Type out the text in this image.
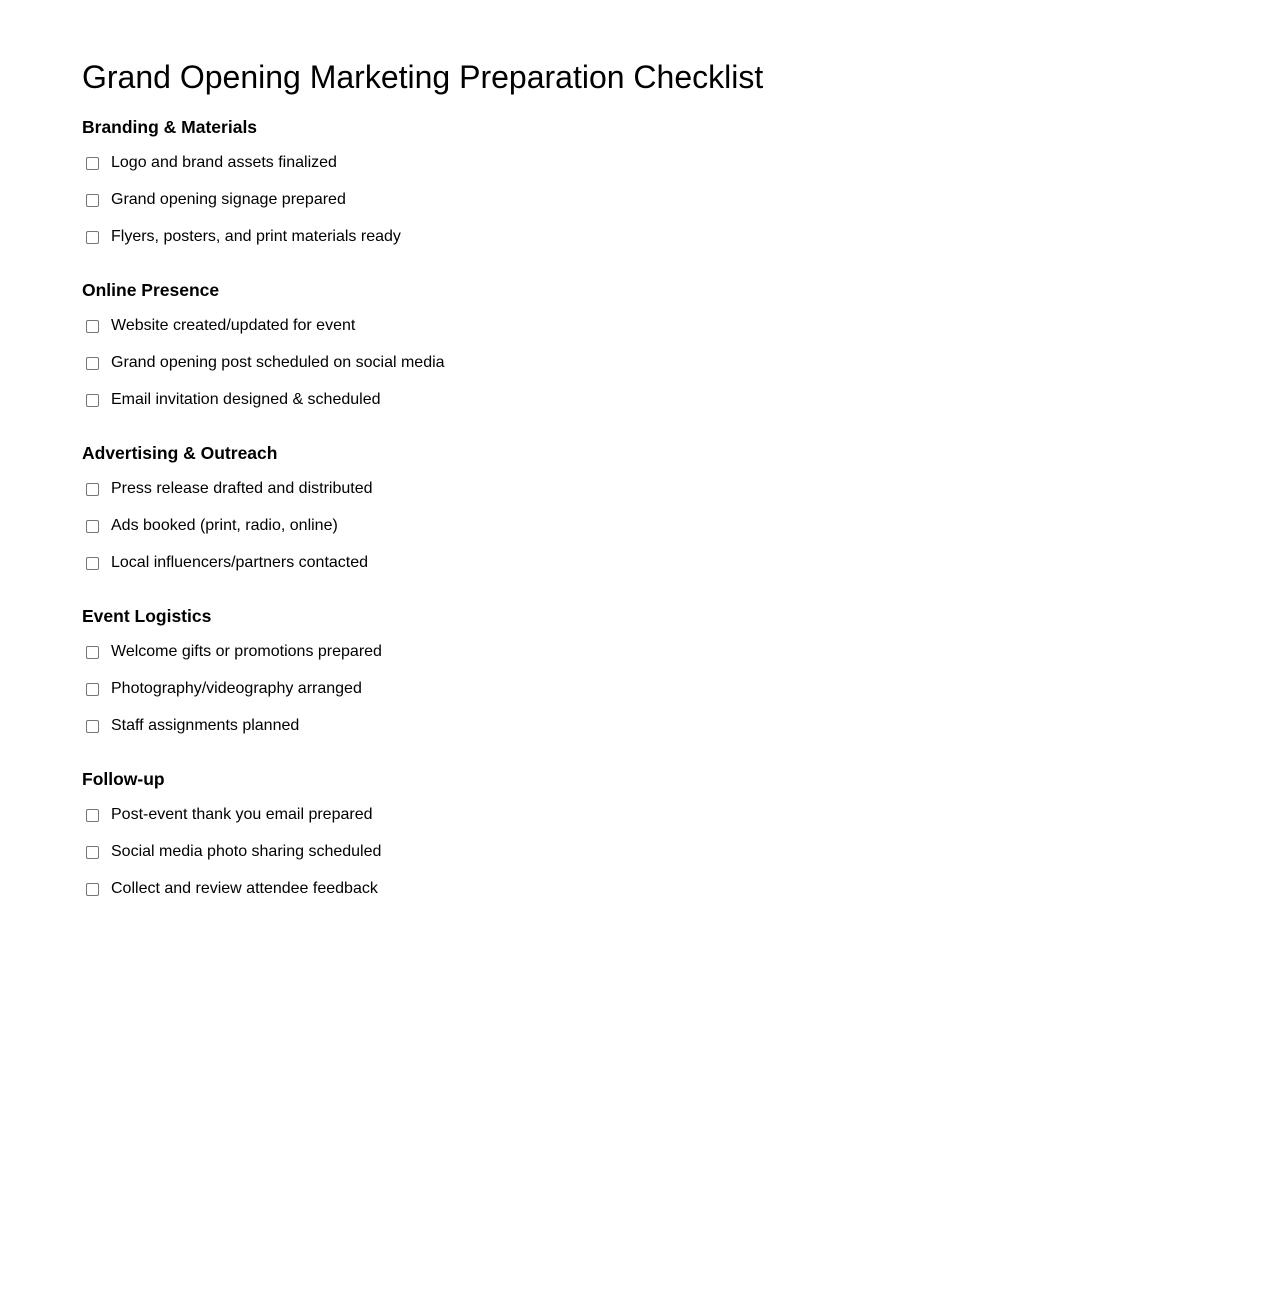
Grand Opening Marketing Preparation Checklist
Branding & Materials
Logo and brand assets finalized
Grand opening signage prepared
Flyers, posters, and print materials ready
Online Presence
Website created/updated for event
Grand opening post scheduled on social media
Email invitation designed & scheduled
Advertising & Outreach
Press release drafted and distributed
Ads booked (print, radio, online)
Local influencers/partners contacted
Event Logistics
Welcome gifts or promotions prepared
Photography/videography arranged
Staff assignments planned
Follow-up
Post-event thank you email prepared
Social media photo sharing scheduled
Collect and review attendee feedback
